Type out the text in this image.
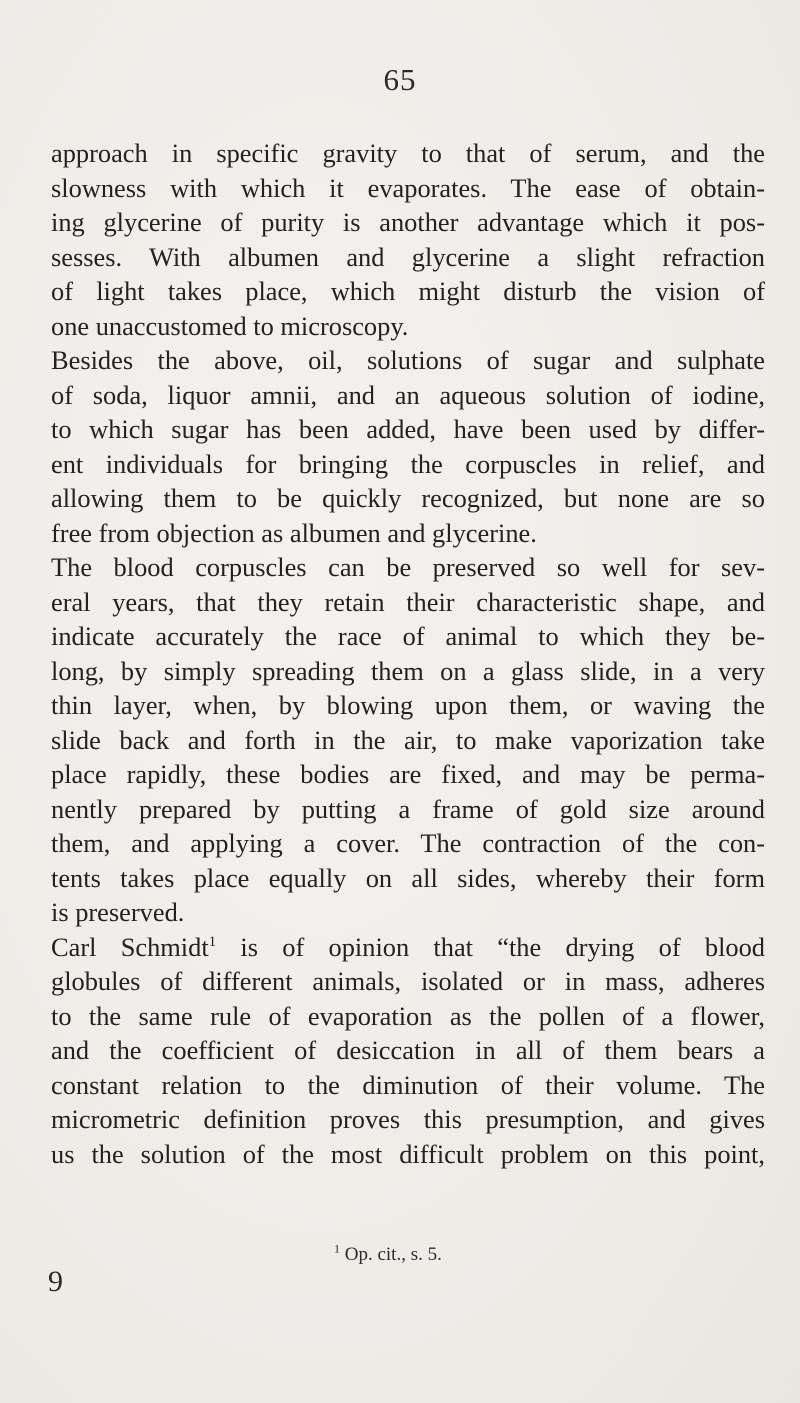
65
approach in specific gravity to that of serum, and the
slowness with which it evaporates. The ease of obtain-
ing glycerine of purity is another advantage which it pos-
sesses. With albumen and glycerine a slight refraction
of light takes place, which might disturb the vision of
one unaccustomed to microscopy.
Besides the above, oil, solutions of sugar and sulphate
of soda, liquor amnii, and an aqueous solution of iodine,
to which sugar has been added, have been used by differ-
ent individuals for bringing the corpuscles in relief, and
allowing them to be quickly recognized, but none are so
free from objection as albumen and glycerine.
The blood corpuscles can be preserved so well for sev-
eral years, that they retain their characteristic shape, and
indicate accurately the race of animal to which they be-
long, by simply spreading them on a glass slide, in a very
thin layer, when, by blowing upon them, or waving the
slide back and forth in the air, to make vaporization take
place rapidly, these bodies are fixed, and may be perma-
nently prepared by putting a frame of gold size around
them, and applying a cover. The contraction of the con-
tents takes place equally on all sides, whereby their form
is preserved.
Carl Schmidt$^1$ is of opinion that “the drying of blood
globules of different animals, isolated or in mass, adheres
to the same rule of evaporation as the pollen of a flower,
and the coefficient of desiccation in all of them bears a
constant relation to the diminution of their volume. The
micrometric definition proves this presumption, and gives
us the solution of the most difficult problem on this point,
$^1$ Op. cit., s. 5.
9
